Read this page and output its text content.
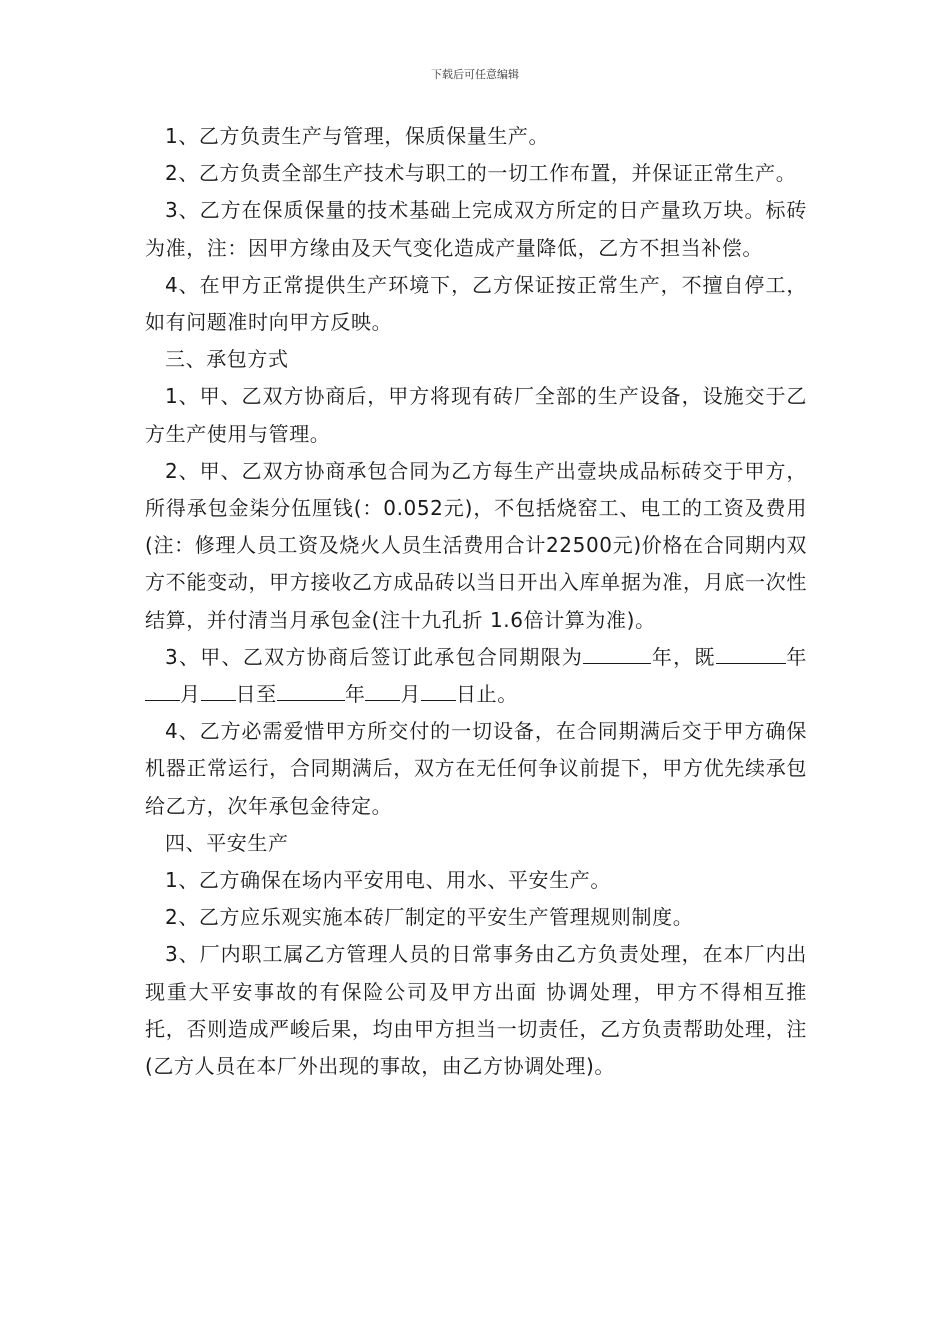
下载后可任意编辑

1、乙方负责生产与管理，保质保量生产。

2、乙方负责全部生产技术与职工的一切工作布置，并保证正常生产。

3、乙方在保质保量的技术基础上完成双方所定的日产量玖万块。标砖为准，注：因甲方缘由及天气变化造成产量降低，乙方不担当补偿。

4、在甲方正常提供生产环境下，乙方保证按正常生产，不擅自停工，如有问题准时向甲方反映。

三、承包方式

1、甲、乙双方协商后，甲方将现有砖厂全部的生产设备，设施交于乙方生产使用与管理。

2、甲、乙双方协商承包合同为乙方每生产出壹块成品标砖交于甲方，所得承包金柒分伍厘钱(：0.052元)，不包括烧窑工、电工的工资及费用(注：修理人员工资及烧火人员生活费用合计22500元)价格在合同期内双方不能变动，甲方接收乙方成品砖以当日开出入库单据为准，月底一次性结算，并付清当月承包金(注十九孔折 1.6倍计算为准)。

3、甲、乙双方协商后签订此承包合同期限为	年，既	年月 日至	年 月 日止。

4、乙方必需爱惜甲方所交付的一切设备，在合同期满后交于甲方确保机器正常运行，合同期满后，双方在无任何争议前提下，甲方优先续承包给乙方，次年承包金待定。

四、平安生产

1、乙方确保在场内平安用电、用水、平安生产。

2、乙方应乐观实施本砖厂制定的平安生产管理规则制度。

3、厂内职工属乙方管理人员的日常事务由乙方负责处理，在本厂内出现重大平安事故的有保险公司及甲方出面 协调处理，甲方不得相互推托，否则造成严峻后果，均由甲方担当一切责任，乙方负责帮助处理，注(乙方人员在本厂外出现的事故，由乙方协调处理)。
